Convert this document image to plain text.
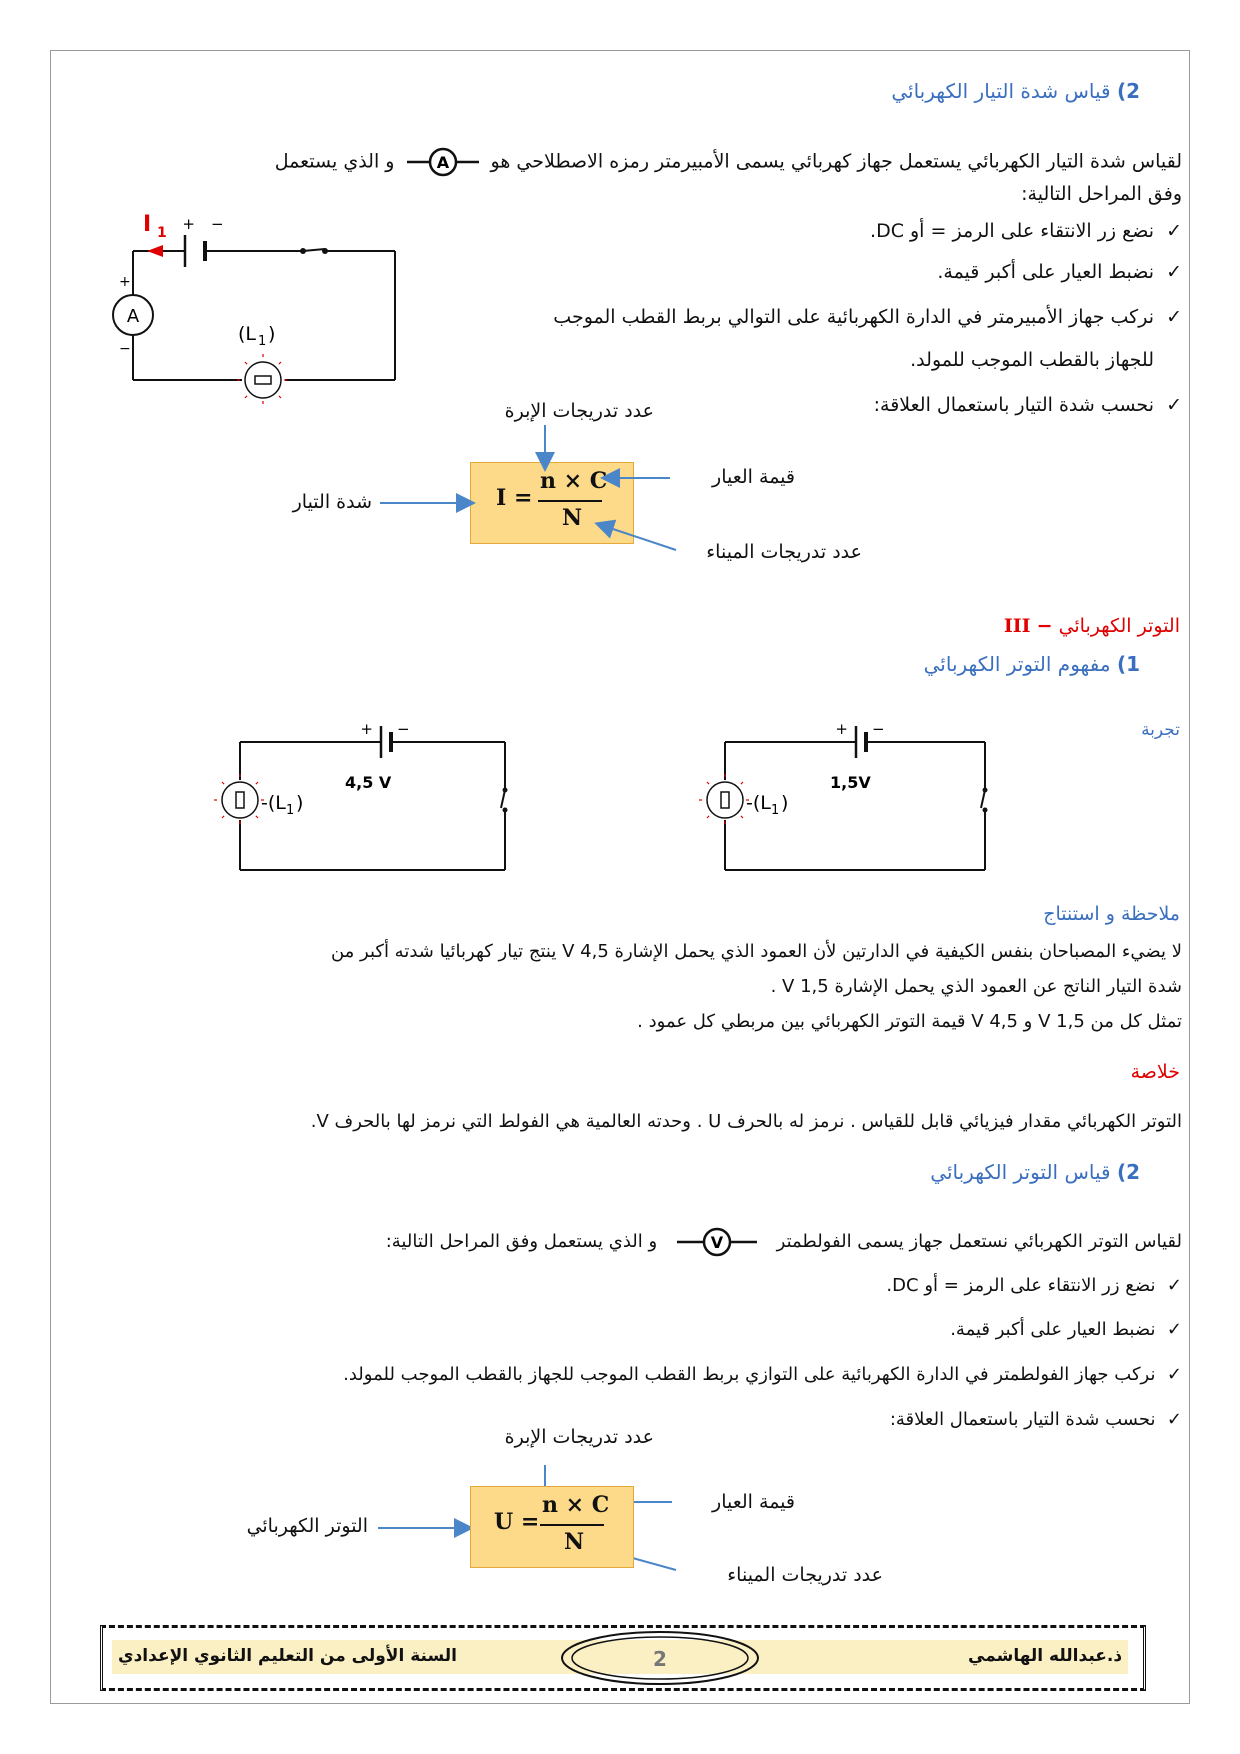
2) قياس شدة التيار الكهربائي
لقياس شدة التيار الكهربائي يستعمل جهاز كهربائي يسمى الأمبيرمتر رمزه الاصطلاحي هو
A
و الذي يستعمل
وفق المراحل التالية:
✓  نضع زر الانتقاء على الرمز = أو DC.
✓  نضبط العيار على أكبر قيمة.
✓  نركب جهاز الأمبيرمتر في الدارة الكهربائية على التوالي بربط القطب الموجب
للجهاز بالقطب الموجب للمولد.
✓  نحسب شدة التيار باستعمال العلاقة:
I 1 + −
A
+
−
(L 1 )
I =
n × C
N
عدد تدريجات الإبرة
قيمة العيار
عدد تدريجات الميناء
شدة التيار
التوتر الكهربائي − III
1) مفهوم التوتر الكهربائي
تجربة
+ −
4,5 V
-(L 1 )
+ −
1,5V
-(L 1 )
ملاحظة و استنتاج
لا يضيء المصباحان بنفس الكيفية في الدارتين لأن العمود الذي يحمل الإشارة 4,5 V ينتج تيار كهربائيا شدته أكبر من
شدة التيار الناتج عن العمود الذي يحمل الإشارة 1,5 V .
تمثل كل من 1,5 V و 4,5 V قيمة التوتر الكهربائي بين مربطي كل عمود .
خلاصة
التوتر الكهربائي مقدار فيزيائي قابل للقياس . نرمز له بالحرف U . وحدته العالمية هي الفولط التي نرمز لها بالحرف V.
2) قياس التوتر الكهربائي
لقياس التوتر الكهربائي نستعمل جهاز يسمى الفولطمتر
V
و الذي يستعمل وفق المراحل التالية:
✓  نضع زر الانتقاء على الرمز = أو DC.
✓  نضبط العيار على أكبر قيمة.
✓  نركب جهاز الفولطمتر في الدارة الكهربائية على التوازي بربط القطب الموجب للجهاز بالقطب الموجب للمولد.
✓  نحسب شدة التيار باستعمال العلاقة:
U =
n × C
N
عدد تدريجات الإبرة
قيمة العيار
عدد تدريجات الميناء
التوتر الكهربائي
السنة الأولى من التعليم الثانوي الإعدادي	ذ.عبدالله الهاشمي
2
